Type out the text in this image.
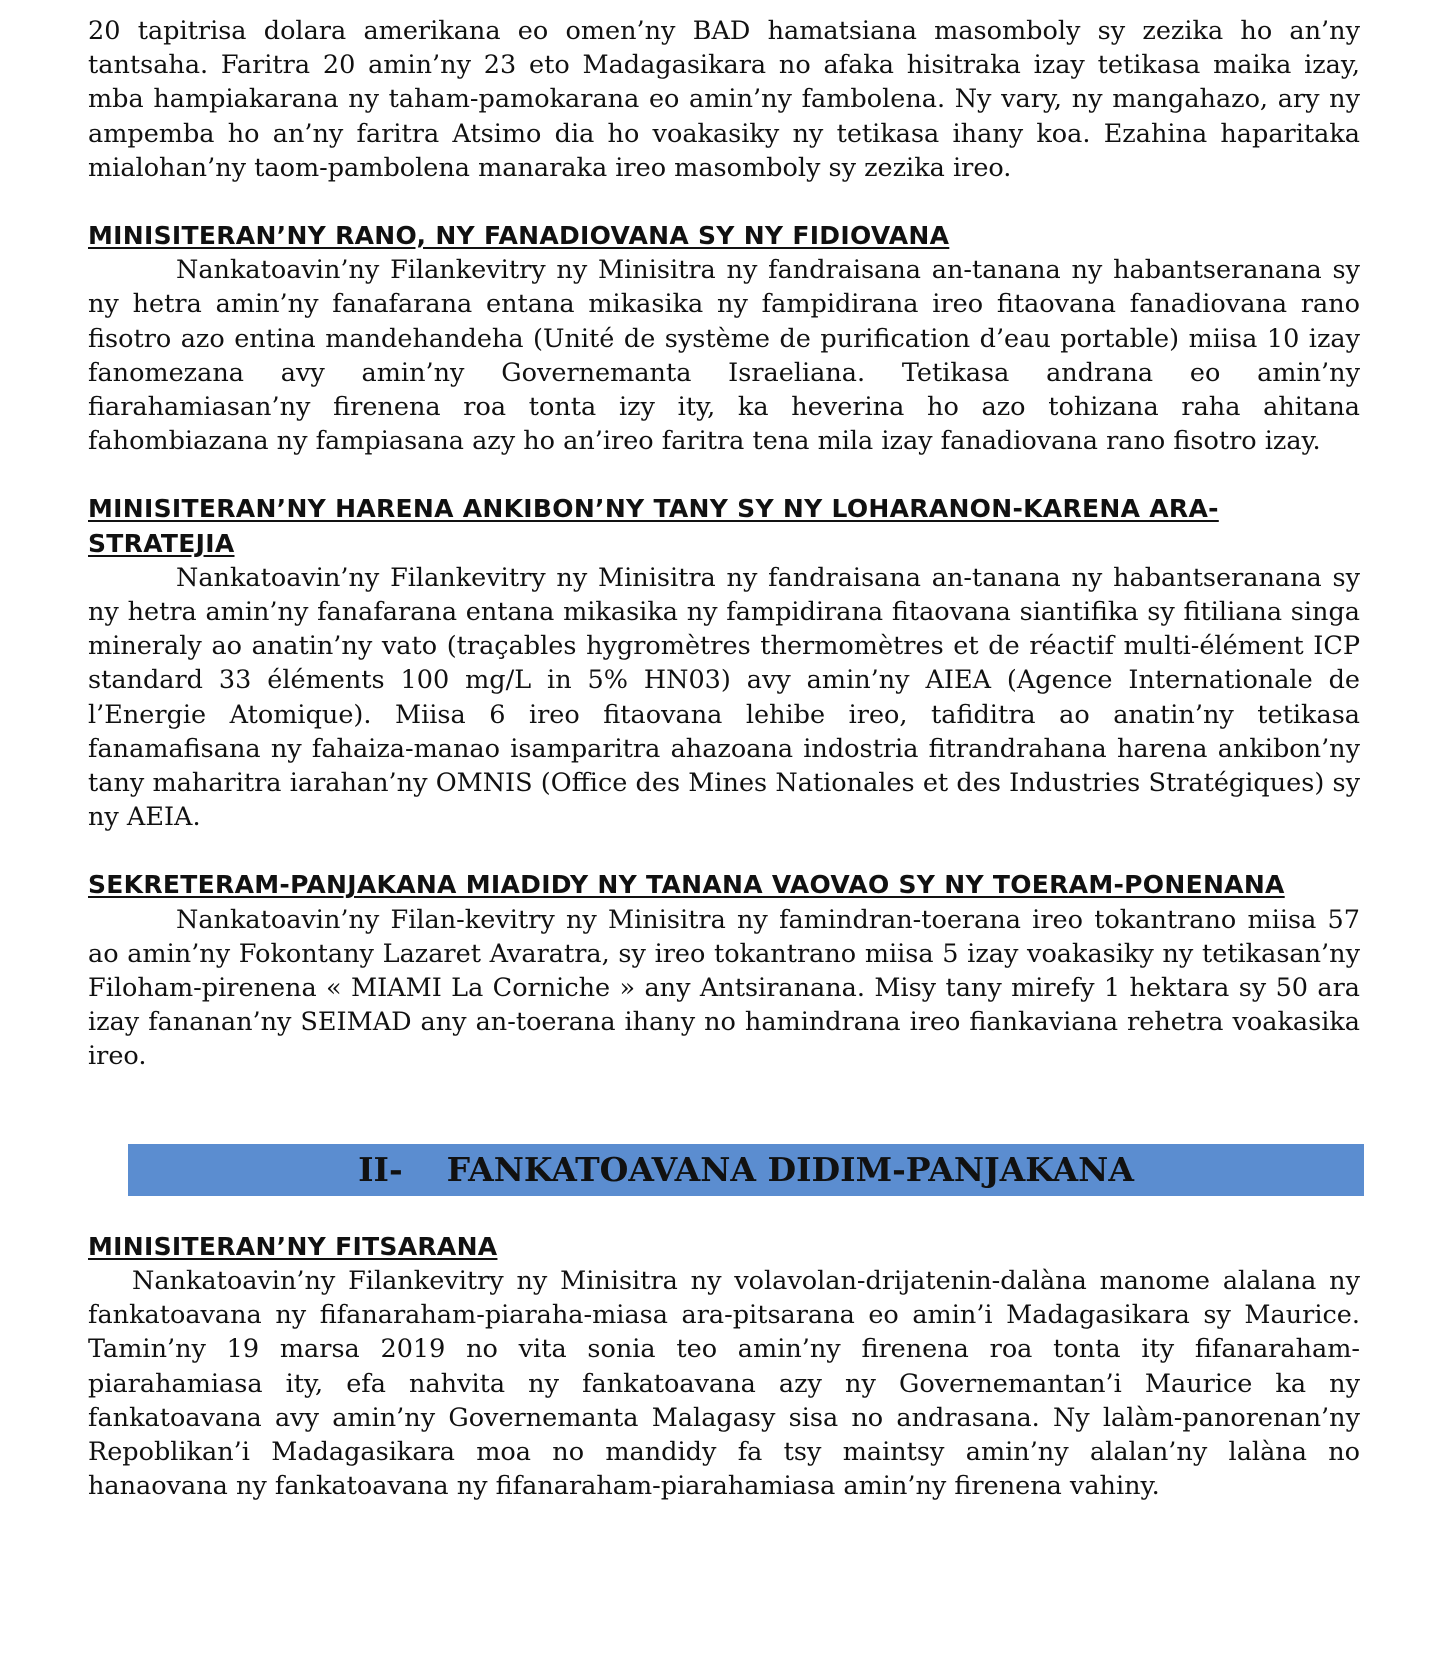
20 tapitrisa dolara amerikana eo omen’ny BAD hamatsiana masomboly sy zezika ho an’ny tantsaha. Faritra 20 amin’ny 23 eto Madagasikara no afaka hisitraka izay tetikasa maika izay, mba hampiakarana ny taham-pamokarana eo amin’ny fambolena. Ny vary, ny mangahazo, ary ny ampemba ho an’ny faritra Atsimo dia ho voakasiky ny tetikasa ihany koa. Ezahina haparitaka mialohan’ny taom-pambolena manaraka ireo masomboly sy zezika ireo.

MINISITERAN’NY RANO, NY FANADIOVANA SY NY FIDIOVANA

Nankatoavin’ny Filankevitry ny Minisitra ny fandraisana an-tanana ny habantseranana sy ny hetra amin’ny fanafarana entana mikasika ny fampidirana ireo fitaovana fanadiovana rano fisotro azo entina mandehandeha (Unité de système de purification d’eau portable) miisa 10 izay fanomezana avy amin’ny Governemanta Israeliana. Tetikasa andrana eo amin’ny fiarahamiasan’ny firenena roa tonta izy ity, ka heverina ho azo tohizana raha ahitana fahombiazana ny fampiasana azy ho an’ireo faritra tena mila izay fanadiovana rano fisotro izay.

MINISITERAN’NY HARENA ANKIBON’NY TANY SY NY LOHARANON-KARENA ARA-STRATEJIA

Nankatoavin’ny Filankevitry ny Minisitra ny fandraisana an-tanana ny habantseranana sy ny hetra amin’ny fanafarana entana mikasika ny fampidirana fitaovana siantifika sy fitiliana singa mineraly ao anatin’ny vato (traçables hygromètres thermomètres et de réactif multi-élément ICP standard 33 éléments 100 mg/L in 5% HN03) avy amin’ny AIEA (Agence Internationale de l’Energie Atomique). Miisa 6 ireo fitaovana lehibe ireo, tafiditra ao anatin’ny tetikasa fanamafisana ny fahaiza-manao isamparitra ahazoana indostria fitrandrahana harena ankibon’ny tany maharitra iarahan’ny OMNIS (Office des Mines Nationales et des Industries Stratégiques) sy ny AEIA.

SEKRETERAM-PANJAKANA MIADIDY NY TANANA VAOVAO SY NY TOERAM-PONENANA

Nankatoavin’ny Filan-kevitry ny Minisitra ny famindran-toerana ireo tokantrano miisa 57 ao amin’ny Fokontany Lazaret Avaratra, sy ireo tokantrano miisa 5 izay voakasiky ny tetikasan’ny Filoham-pirenena « MIAMI La Corniche » any Antsiranana. Misy tany mirefy 1 hektara sy 50 ara izay fananan’ny SEIMAD any an-toerana ihany no hamindrana ireo fiankaviana rehetra voakasika ireo.

II- FANKATOAVANA DIDIM-PANJAKANA
MINISITERAN’NY FITSARANA

Nankatoavin’ny Filankevitry ny Minisitra ny volavolan-drijatenin-dalàna manome alalana ny fankatoavana ny fifanaraham-piaraha-miasa ara-pitsarana eo amin’i Madagasikara sy Maurice. Tamin’ny 19 marsa 2019 no vita sonia teo amin’ny firenena roa tonta ity fifanaraham-piarahamiasa ity, efa nahvita ny fankatoavana azy ny Governemantan’i Maurice ka ny fankatoavana avy amin’ny Governemanta Malagasy sisa no andrasana. Ny lalàm-panorenan’ny Repoblikan’i Madagasikara moa no mandidy fa tsy maintsy amin’ny alalan’ny lalàna no hanaovana ny fankatoavana ny fifanaraham-piarahamiasa amin’ny firenena vahiny.
